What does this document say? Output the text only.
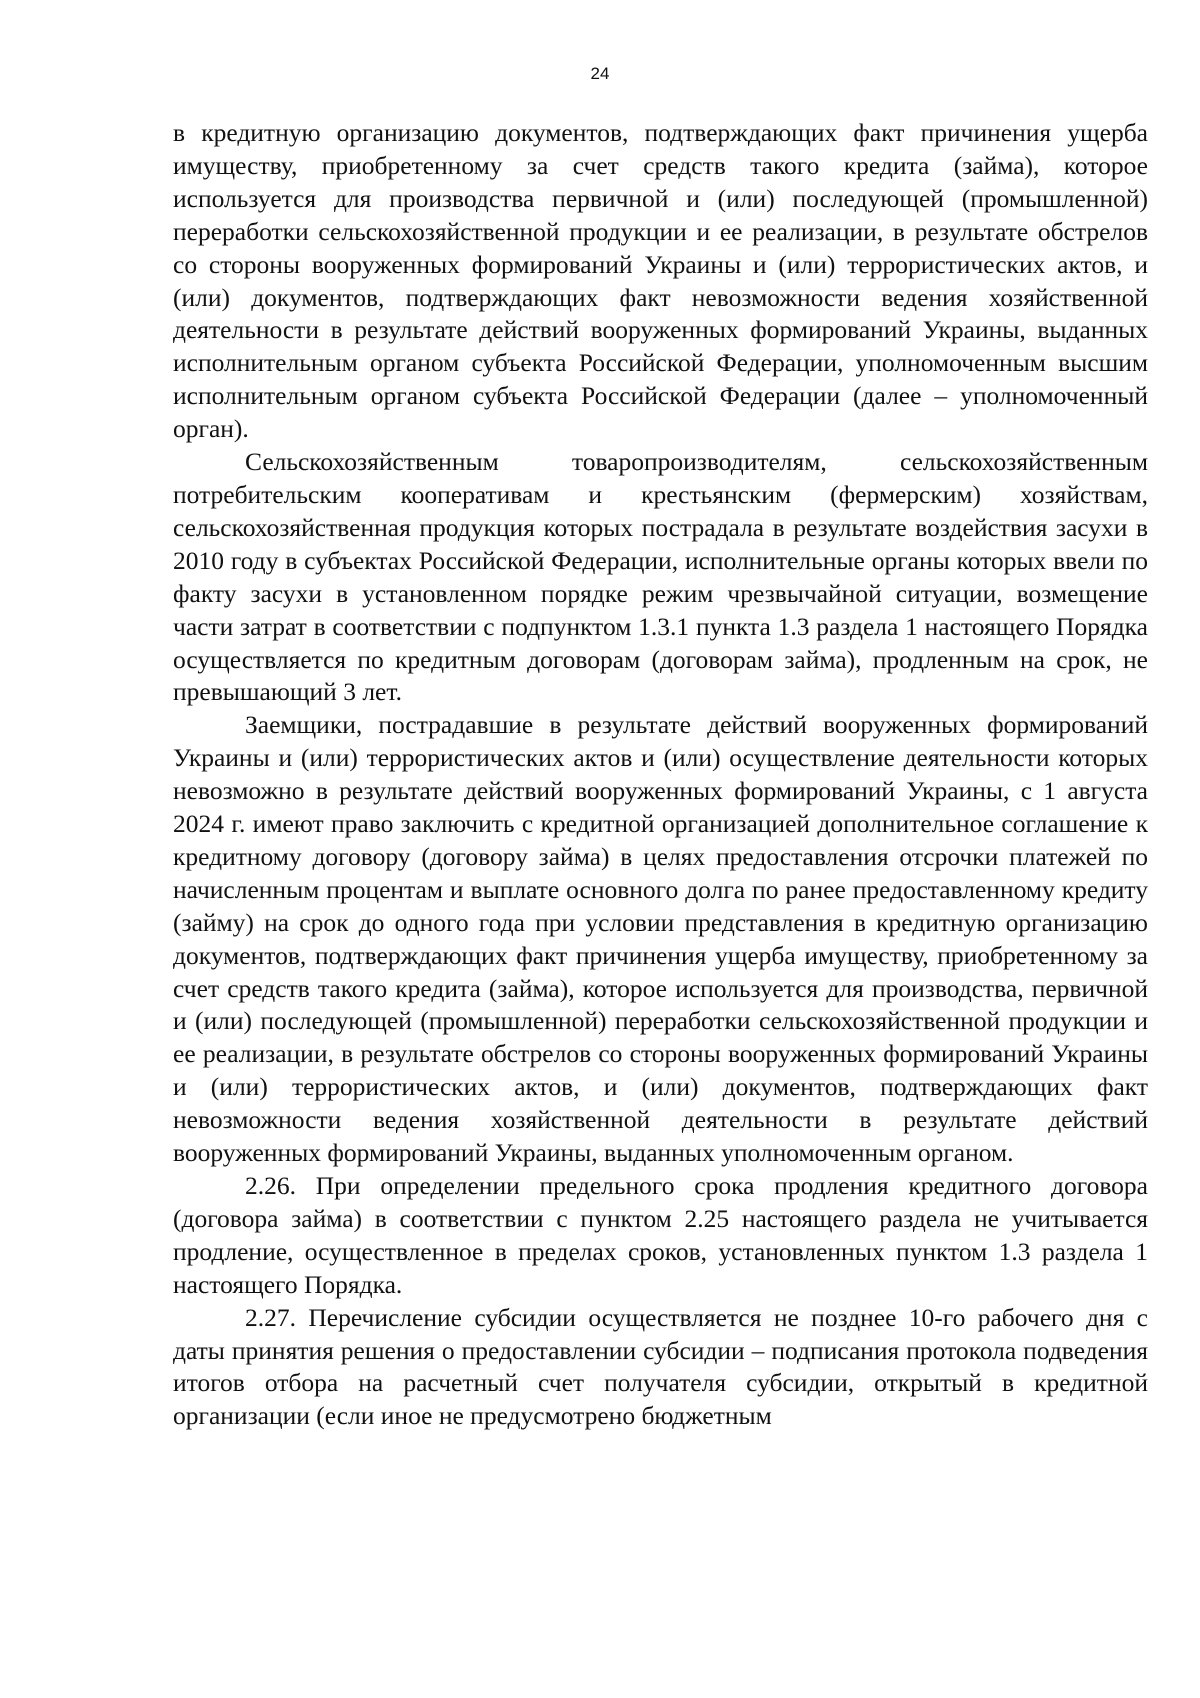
24

в кредитную организацию документов, подтверждающих факт причинения ущерба имуществу, приобретенному за счет средств такого кредита (займа), которое используется для производства первичной и (или) последующей (промышленной) переработки сельскохозяйственной продукции и ее реализации, в результате обстрелов со стороны вооруженных формирований Украины и (или) террористических актов, и (или) документов, подтверждающих факт невозможности ведения хозяйственной деятельности в результате действий вооруженных формирований Украины, выданных исполнительным органом субъекта Российской Федерации, уполномоченным высшим исполнительным органом субъекта Российской Федерации (далее – уполномоченный орган).

Сельскохозяйственным товаропроизводителям, сельскохозяйственным потребительским кооперативам и крестьянским (фермерским) хозяйствам, сельскохозяйственная продукция которых пострадала в результате воздействия засухи в 2010 году в субъектах Российской Федерации, исполнительные органы которых ввели по факту засухи в установленном порядке режим чрезвычайной ситуации, возмещение части затрат в соответствии с подпунктом 1.3.1 пункта 1.3 раздела 1 настоящего Порядка осуществляется по кредитным договорам (договорам займа), продленным на срок, не превышающий 3 лет.

Заемщики, пострадавшие в результате действий вооруженных формирований Украины и (или) террористических актов и (или) осуществление деятельности которых невозможно в результате действий вооруженных формирований Украины, с 1 августа 2024 г. имеют право заключить с кредитной организацией дополнительное соглашение к кредитному договору (договору займа) в целях предоставления отсрочки платежей по начисленным процентам и выплате основного долга по ранее предоставленному кредиту (займу) на срок до одного года при условии представления в кредитную организацию документов, подтверждающих факт причинения ущерба имуществу, приобретенному за счет средств такого кредита (займа), которое используется для производства, первичной и (или) последующей (промышленной) переработки сельскохозяйственной продукции и ее реализации, в результате обстрелов со стороны вооруженных формирований Украины и (или) террористических актов, и (или) документов, подтверждающих факт невозможности ведения хозяйственной деятельности в результате действий вооруженных формирований Украины, выданных уполномоченным органом.

2.26. При определении предельного срока продления кредитного договора (договора займа) в соответствии с пунктом 2.25 настоящего раздела не учитывается продление, осуществленное в пределах сроков, установленных пунктом 1.3 раздела 1 настоящего Порядка.

2.27. Перечисление субсидии осуществляется не позднее 10-го рабочего дня с даты принятия решения о предоставлении субсидии – подписания протокола подведения итогов отбора на расчетный счет получателя субсидии, открытый в кредитной организации (если иное не предусмотрено бюджетным
